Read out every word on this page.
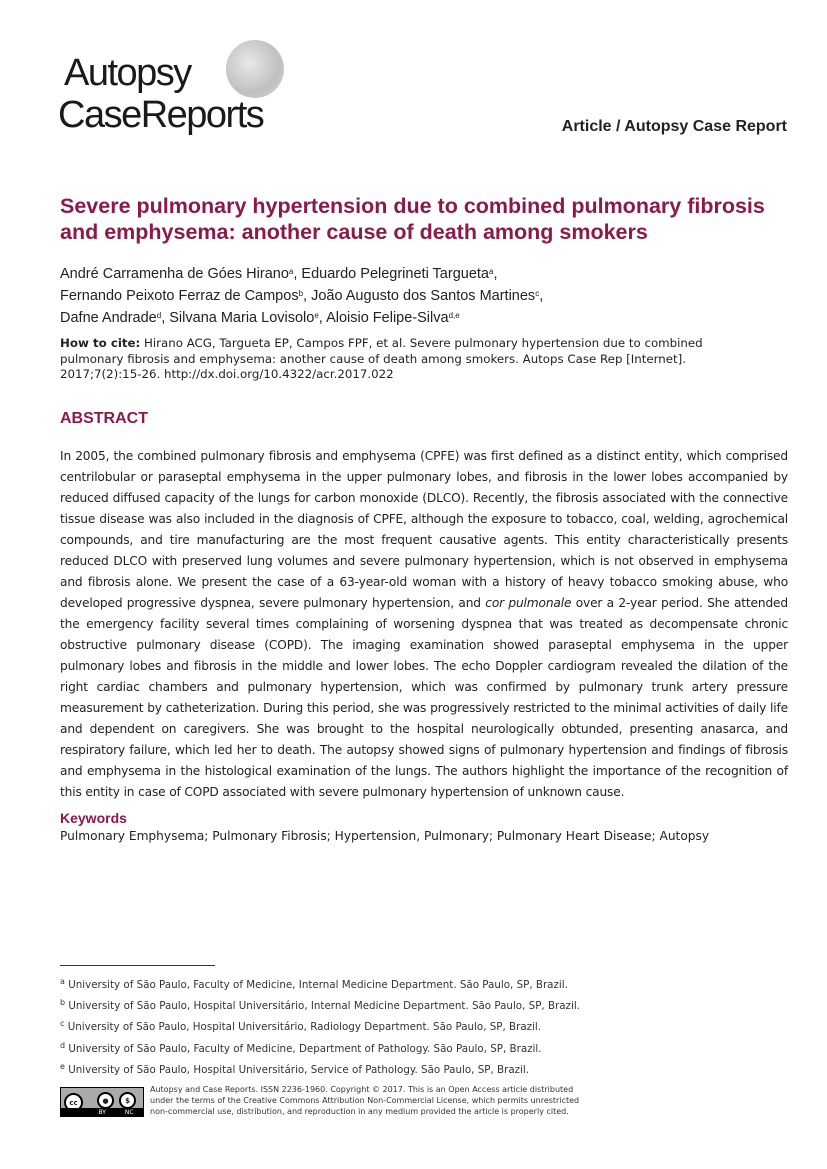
Autopsy
CaseReports	Article / Autopsy Case Report
Severe pulmonary hypertension due to combined pulmonary fibrosis and emphysema: another cause of death among smokers
André Carramenha de Góes Hirano$^a$, Eduardo Pelegrineti Targueta$^a$,
Fernando Peixoto Ferraz de Campos$^b$, João Augusto dos Santos Martines$^c$,
Dafne Andrade$^d$, Silvana Maria Lovisolo$^e$, Aloisio Felipe-Silva$^{d,e}$

How to cite: Hirano ACG, Targueta EP, Campos FPF, et al. Severe pulmonary hypertension due to combined pulmonary fibrosis and emphysema: another cause of death among smokers. Autops Case Rep [Internet]. 2017;7(2):15-26. http://dx.doi.org/10.4322/acr.2017.022

ABSTRACT

In 2005, the combined pulmonary fibrosis and emphysema (CPFE) was first defined as a distinct entity, which comprised centrilobular or paraseptal emphysema in the upper pulmonary lobes, and fibrosis in the lower lobes accompanied by reduced diffused capacity of the lungs for carbon monoxide (DLCO). Recently, the fibrosis associated with the connective tissue disease was also included in the diagnosis of CPFE, although the exposure to tobacco, coal, welding, agrochemical compounds, and tire manufacturing are the most frequent causative agents. This entity characteristically presents reduced DLCO with preserved lung volumes and severe pulmonary hypertension, which is not observed in emphysema and fibrosis alone. We present the case of a 63-year-old woman with a history of heavy tobacco smoking abuse, who developed progressive dyspnea, severe pulmonary hypertension, and cor pulmonale over a 2-year period. She attended the emergency facility several times complaining of worsening dyspnea that was treated as decompensate chronic obstructive pulmonary disease (COPD). The imaging examination showed paraseptal emphysema in the upper pulmonary lobes and fibrosis in the middle and lower lobes. The echo Doppler cardiogram revealed the dilation of the right cardiac chambers and pulmonary hypertension, which was confirmed by pulmonary trunk artery pressure measurement by catheterization. During this period, she was progressively restricted to the minimal activities of daily life and dependent on caregivers. She was brought to the hospital neurologically obtunded, presenting anasarca, and respiratory failure, which led her to death. The autopsy showed signs of pulmonary hypertension and findings of fibrosis and emphysema in the histological examination of the lungs. The authors highlight the importance of the recognition of this entity in case of COPD associated with severe pulmonary hypertension of unknown cause.

Keywords

Pulmonary Emphysema; Pulmonary Fibrosis; Hypertension, Pulmonary; Pulmonary Heart Disease; Autopsy

$^a$ University of São Paulo, Faculty of Medicine, Internal Medicine Department. São Paulo, SP, Brazil.
$^b$ University of São Paulo, Hospital Universitário, Internal Medicine Department. São Paulo, SP, Brazil.
$^c$ University of São Paulo, Hospital Universitário, Radiology Department. São Paulo, SP, Brazil.
$^d$ University of São Paulo, Faculty of Medicine, Department of Pathology. São Paulo, SP, Brazil.
$^e$ University of São Paulo, Hospital Universitário, Service of Pathology. São Paulo, SP, Brazil.
cc	●	$
BY	NC
Autopsy and Case Reports. ISSN 2236-1960. Copyright © 2017. This is an Open Access article distributed
under the terms of the Creative Commons Attribution Non-Commercial License, which permits unrestricted
non-commercial use, distribution, and reproduction in any medium provided the article is properly cited.
